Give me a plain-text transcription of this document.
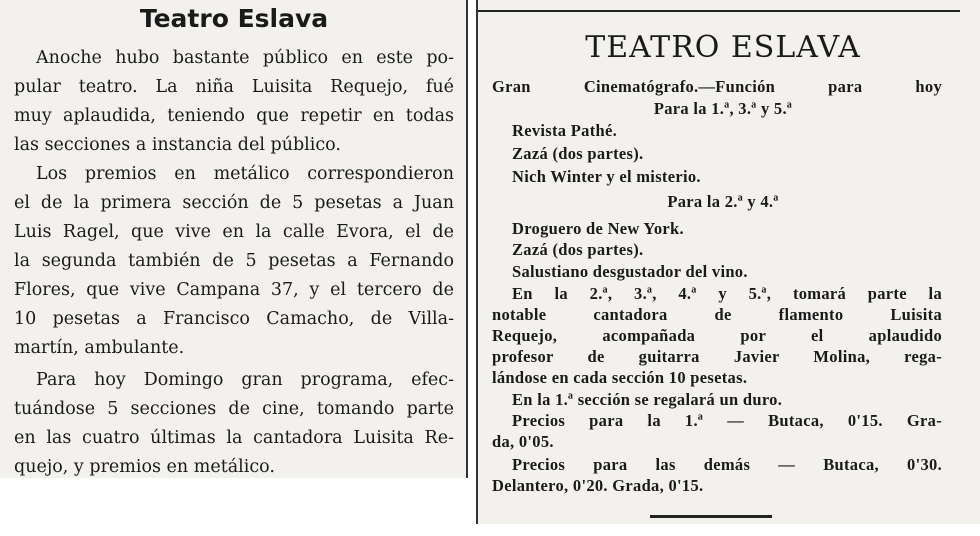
Teatro Eslava
Anoche hubo bastante público en este po-
pular teatro. La niña Luisita Requejo, fué
muy aplaudida, teniendo que repetir en todas
las secciones a instancia del público.
Los premios en metálico correspondieron
el de la primera sección de 5 pesetas a Juan
Luis Ragel, que vive en la calle Evora, el de
la segunda también de 5 pesetas a Fernando
Flores, que vive Campana 37, y el tercero de
10 pesetas a Francisco Camacho, de Villa-
martín, ambulante.
Para hoy Domingo gran programa, efec-
tuándose 5 secciones de cine, tomando parte
en las cuatro últimas la cantadora Luisita Re-
quejo, y premios en metálico.
TEATRO ESLAVA
Gran Cinematógrafo.—Función para hoy
Para la 1.ª, 3.ª y 5.ª
Revista Pathé.
Zazá (dos partes).
Nich Winter y el misterio.
Para la 2.ª y 4.ª
Droguero de New York.
Zazá (dos partes).
Salustiano desgustador del vino.
En la 2.ª, 3.ª, 4.ª y 5.ª, tomará parte la
notable cantadora de flamento Luisita
Requejo, acompañada por el aplaudido
profesor de guitarra Javier Molina, rega-
lándose en cada sección 10 pesetas.
En la 1.ª sección se regalará un duro.
Precios para la 1.ª — Butaca, 0'15. Gra-
da, 0'05.
Precios para las demás — Butaca, 0'30.
Delantero, 0'20. Grada, 0'15.
